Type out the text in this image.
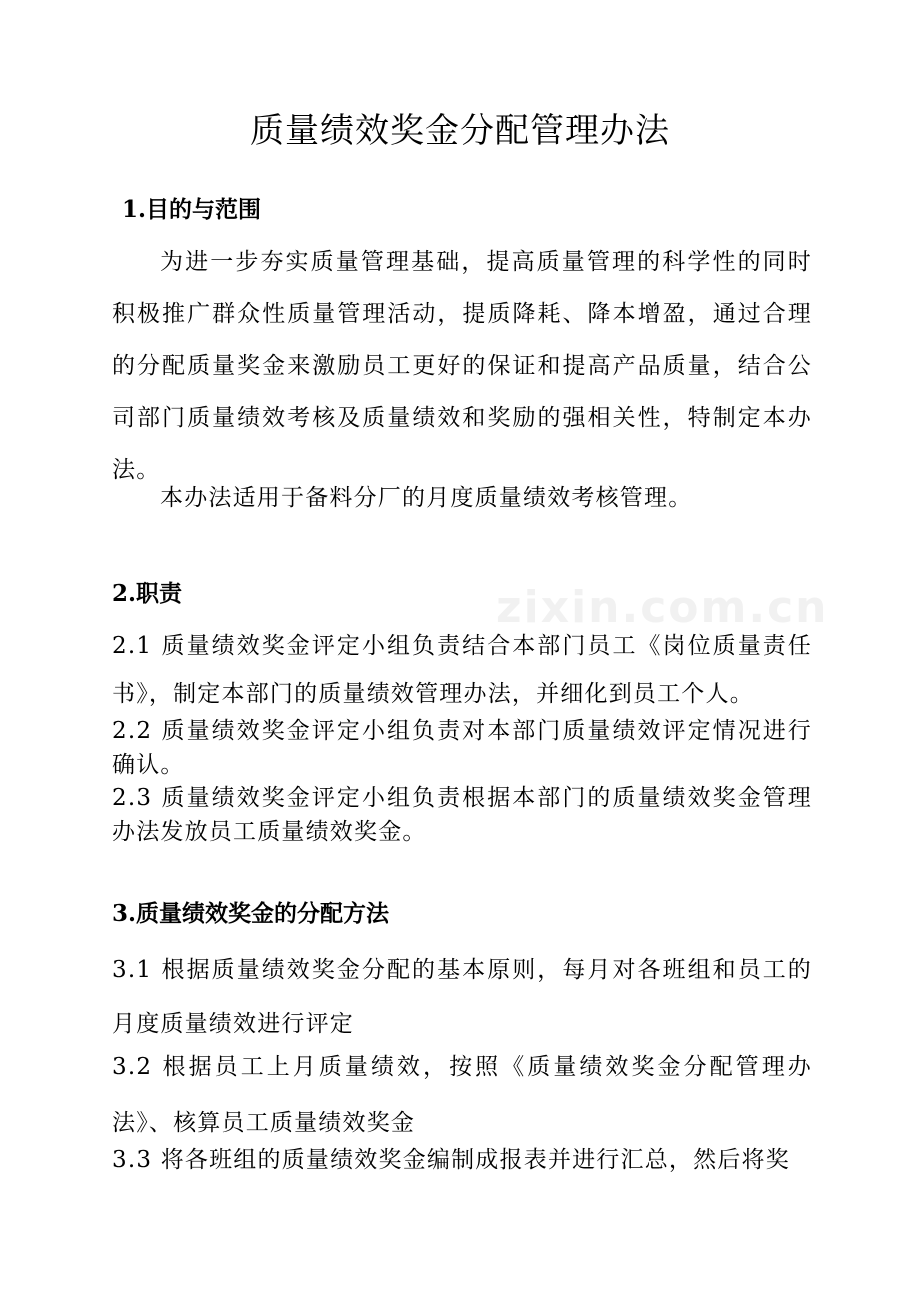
zixin.com.cn
质量绩效奖金分配管理办法
1.目的与范围

为进一步夯实质量管理基础，提高质量管理的科学性的同时积极推广群众性质量管理活动，提质降耗、降本增盈，通过合理的分配质量奖金来激励员工更好的保证和提高产品质量，结合公司部门质量绩效考核及质量绩效和奖励的强相关性，特制定本办法。

本办法适用于备料分厂的月度质量绩效考核管理。

2.职责

2.1 质量绩效奖金评定小组负责结合本部门员工《岗位质量责任书》，制定本部门的质量绩效管理办法，并细化到员工个人。

2.2 质量绩效奖金评定小组负责对本部门质量绩效评定情况进行确认。

2.3 质量绩效奖金评定小组负责根据本部门的质量绩效奖金管理办法发放员工质量绩效奖金。

3.质量绩效奖金的分配方法

3.1 根据质量绩效奖金分配的基本原则，每月对各班组和员工的月度质量绩效进行评定

3.2 根据员工上月质量绩效，按照《质量绩效奖金分配管理办法》、核算员工质量绩效奖金

3.3 将各班组的质量绩效奖金编制成报表并进行汇总，然后将奖
